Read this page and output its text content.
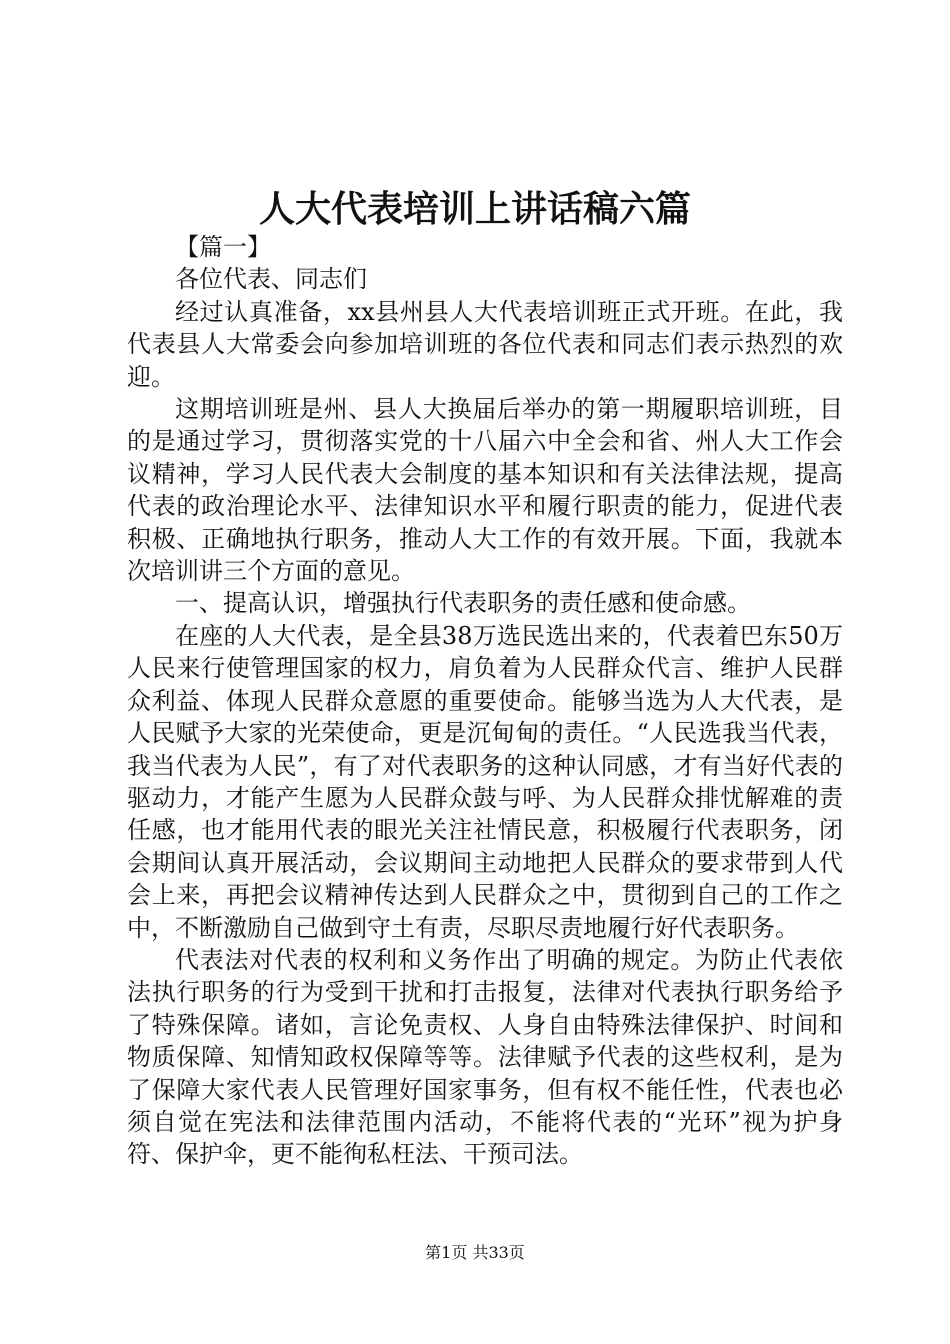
人大代表培训上讲话稿六篇

【篇一】

各位代表、同志们

经过认真准备，xx县州县人大代表培训班正式开班。在此，我代表县人大常委会向参加培训班的各位代表和同志们表示热烈的欢迎。

这期培训班是州、县人大换届后举办的第一期履职培训班，目的是通过学习，贯彻落实党的十八届六中全会和省、州人大工作会议精神，学习人民代表大会制度的基本知识和有关法律法规，提高代表的政治理论水平、法律知识水平和履行职责的能力，促进代表积极、正确地执行职务，推动人大工作的有效开展。下面，我就本次培训讲三个方面的意见。

一、提高认识，增强执行代表职务的责任感和使命感。

在座的人大代表，是全县38万选民选出来的，代表着巴东50万人民来行使管理国家的权力，肩负着为人民群众代言、维护人民群众利益、体现人民群众意愿的重要使命。能够当选为人大代表，是人民赋予大家的光荣使命，更是沉甸甸的责任。“人民选我当代表，我当代表为人民”，有了对代表职务的这种认同感，才有当好代表的驱动力，才能产生愿为人民群众鼓与呼、为人民群众排忧解难的责任感，也才能用代表的眼光关注社情民意，积极履行代表职务，闭会期间认真开展活动，会议期间主动地把人民群众的要求带到人代会上来，再把会议精神传达到人民群众之中，贯彻到自己的工作之中，不断激励自己做到守土有责，尽职尽责地履行好代表职务。

代表法对代表的权利和义务作出了明确的规定。为防止代表依法执行职务的行为受到干扰和打击报复，法律对代表执行职务给予了特殊保障。诸如，言论免责权、人身自由特殊法律保护、时间和物质保障、知情知政权保障等等。法律赋予代表的这些权利，是为了保障大家代表人民管理好国家事务，但有权不能任性，代表也必须自觉在宪法和法律范围内活动，不能将代表的“光环”视为护身符、保护伞，更不能徇私枉法、干预司法。

第1页 共33页
